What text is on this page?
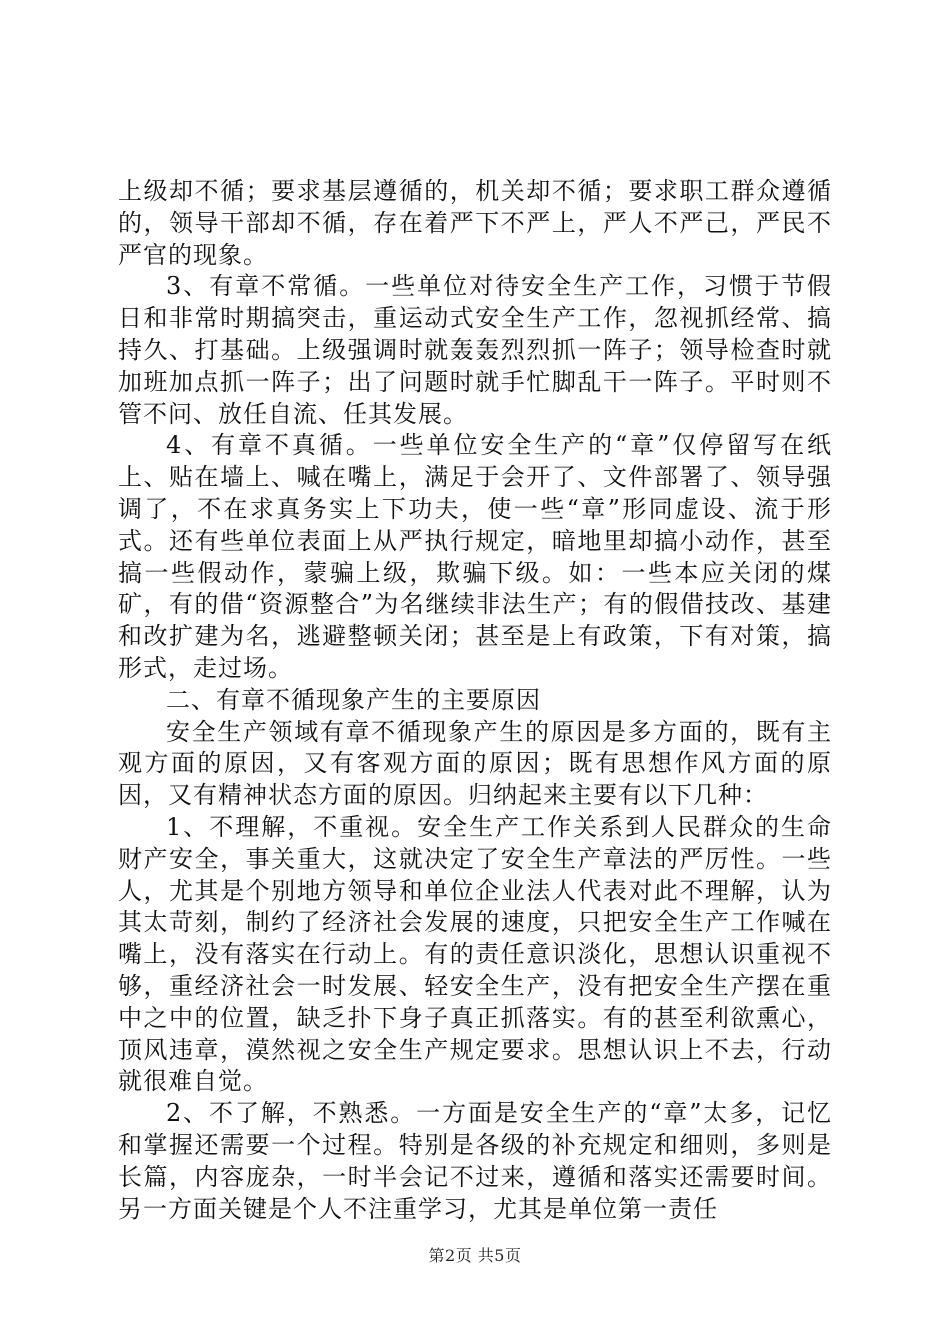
上级却不循；要求基层遵循的，机关却不循；要求职工群众遵循的，领导干部却不循，存在着严下不严上，严人不严己，严民不严官的现象。

3、有章不常循。一些单位对待安全生产工作，习惯于节假日和非常时期搞突击，重运动式安全生产工作，忽视抓经常、搞持久、打基础。上级强调时就轰轰烈烈抓一阵子；领导检查时就加班加点抓一阵子；出了问题时就手忙脚乱干一阵子。平时则不管不问、放任自流、任其发展。

4、有章不真循。一些单位安全生产的“章”仅停留写在纸上、贴在墙上、喊在嘴上，满足于会开了、文件部署了、领导强调了，不在求真务实上下功夫，使一些“章”形同虚设、流于形式。还有些单位表面上从严执行规定，暗地里却搞小动作，甚至搞一些假动作，蒙骗上级，欺骗下级。如：一些本应关闭的煤矿，有的借“资源整合”为名继续非法生产；有的假借技改、基建和改扩建为名，逃避整顿关闭；甚至是上有政策，下有对策，搞形式，走过场。

二、有章不循现象产生的主要原因

安全生产领域有章不循现象产生的原因是多方面的，既有主观方面的原因，又有客观方面的原因；既有思想作风方面的原因，又有精神状态方面的原因。归纳起来主要有以下几种：

1、不理解，不重视。安全生产工作关系到人民群众的生命财产安全，事关重大，这就决定了安全生产章法的严厉性。一些人，尤其是个别地方领导和单位企业法人代表对此不理解，认为其太苛刻，制约了经济社会发展的速度，只把安全生产工作喊在嘴上，没有落实在行动上。有的责任意识淡化，思想认识重视不够，重经济社会一时发展、轻安全生产，没有把安全生产摆在重中之中的位置，缺乏扑下身子真正抓落实。有的甚至利欲熏心，顶风违章，漠然视之安全生产规定要求。思想认识上不去，行动就很难自觉。

2、不了解，不熟悉。一方面是安全生产的“章”太多，记忆和掌握还需要一个过程。特别是各级的补充规定和细则，多则是长篇，内容庞杂，一时半会记不过来，遵循和落实还需要时间。另一方面关键是个人不注重学习，尤其是单位第一责任

第2页 共5页
